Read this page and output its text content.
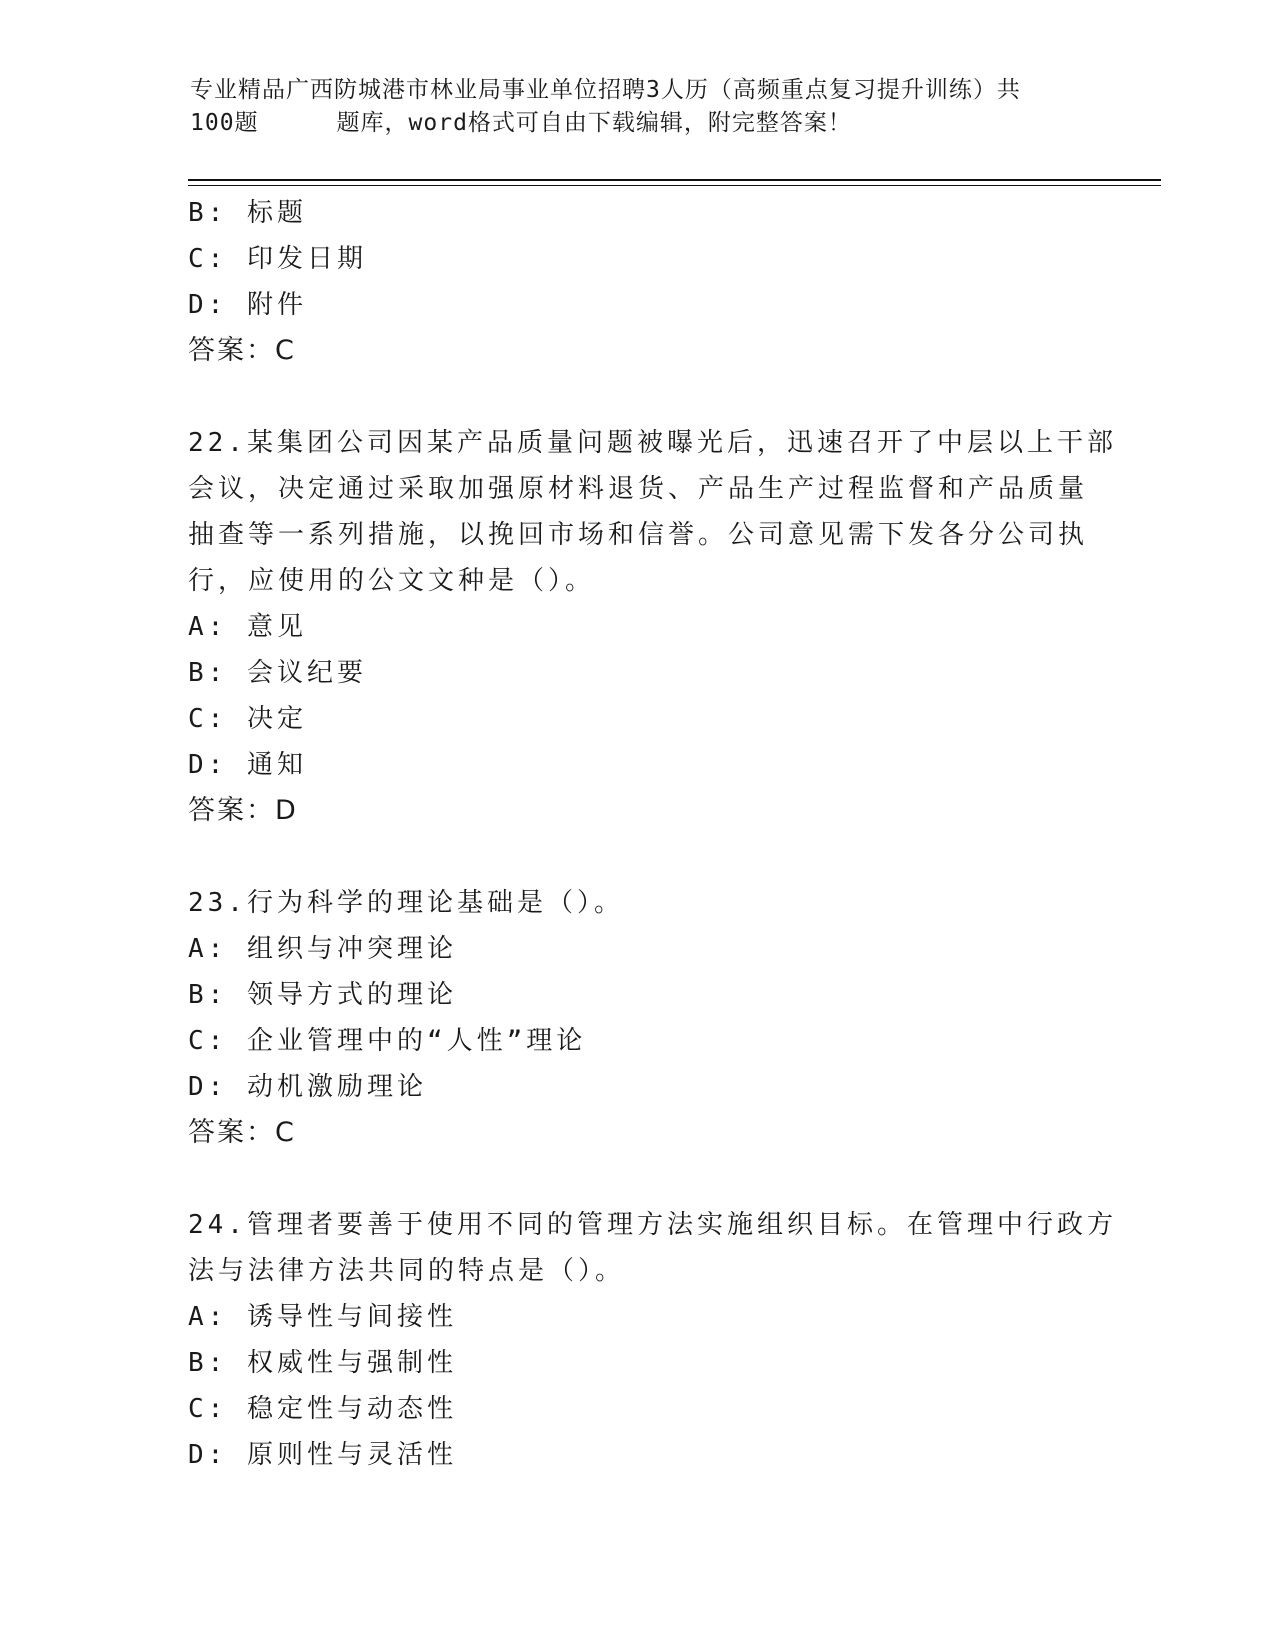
专业精品广西防城港市林业局事业单位招聘3人历（高频重点复习提升训练）共
100题	题库，word格式可自由下载编辑，附完整答案！
B: 标题
C: 印发日期
D: 附件
答案：C
22.某集团公司因某产品质量问题被曝光后，迅速召开了中层以上干部
会议，决定通过采取加强原材料退货、产品生产过程监督和产品质量
抽查等一系列措施，以挽回市场和信誉。公司意见需下发各分公司执
行，应使用的公文文种是（）。
A: 意见
B: 会议纪要
C: 决定
D: 通知
答案：D
23.行为科学的理论基础是（）。
A: 组织与冲突理论
B: 领导方式的理论
C: 企业管理中的“人性”理论
D: 动机激励理论
答案：C
24.管理者要善于使用不同的管理方法实施组织目标。在管理中行政方
法与法律方法共同的特点是（）。
A: 诱导性与间接性
B: 权威性与强制性
C: 稳定性与动态性
D: 原则性与灵活性
